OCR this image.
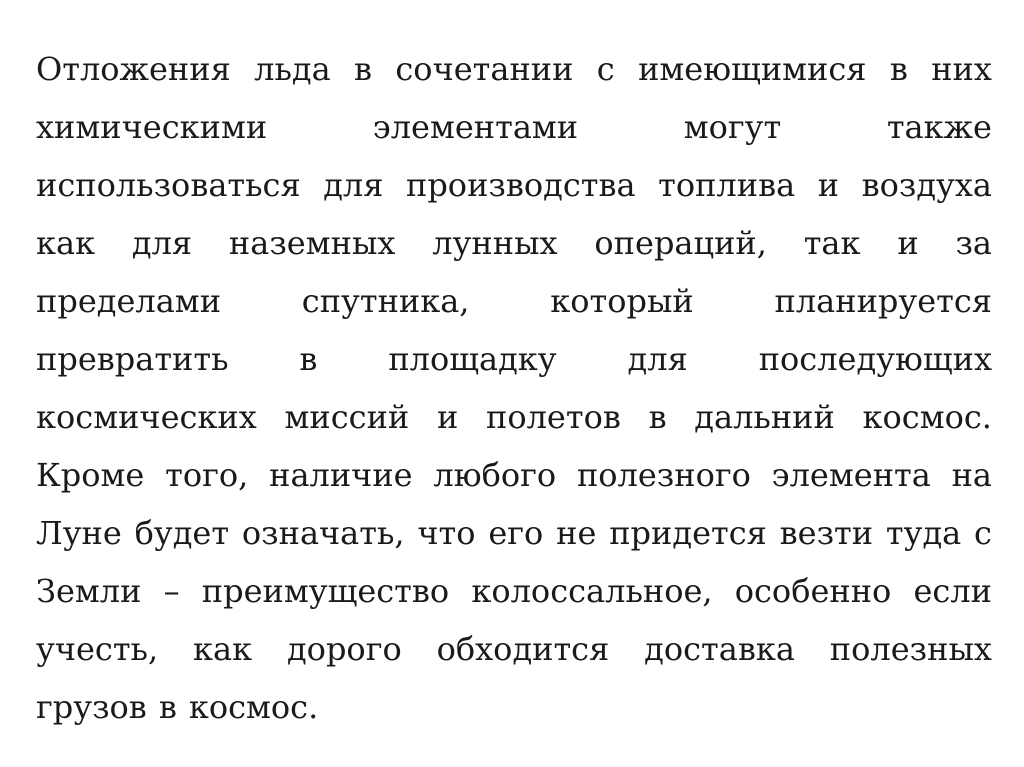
Отложения льда в сочетании с имеющимися в них
химическими	элементами	могут	также
использоваться для производства топлива и воздуха
как для наземных лунных операций, так и за
пределами	спутника,	который	планируется
превратить в площадку для последующих
космических миссий и полетов в дальний космос.
Кроме того, наличие любого полезного элемента на
Луне будет означать, что его не придется везти туда с
Земли – преимущество колоссальное, особенно если
учесть, как дорого обходится доставка полезных
грузов в космос.
